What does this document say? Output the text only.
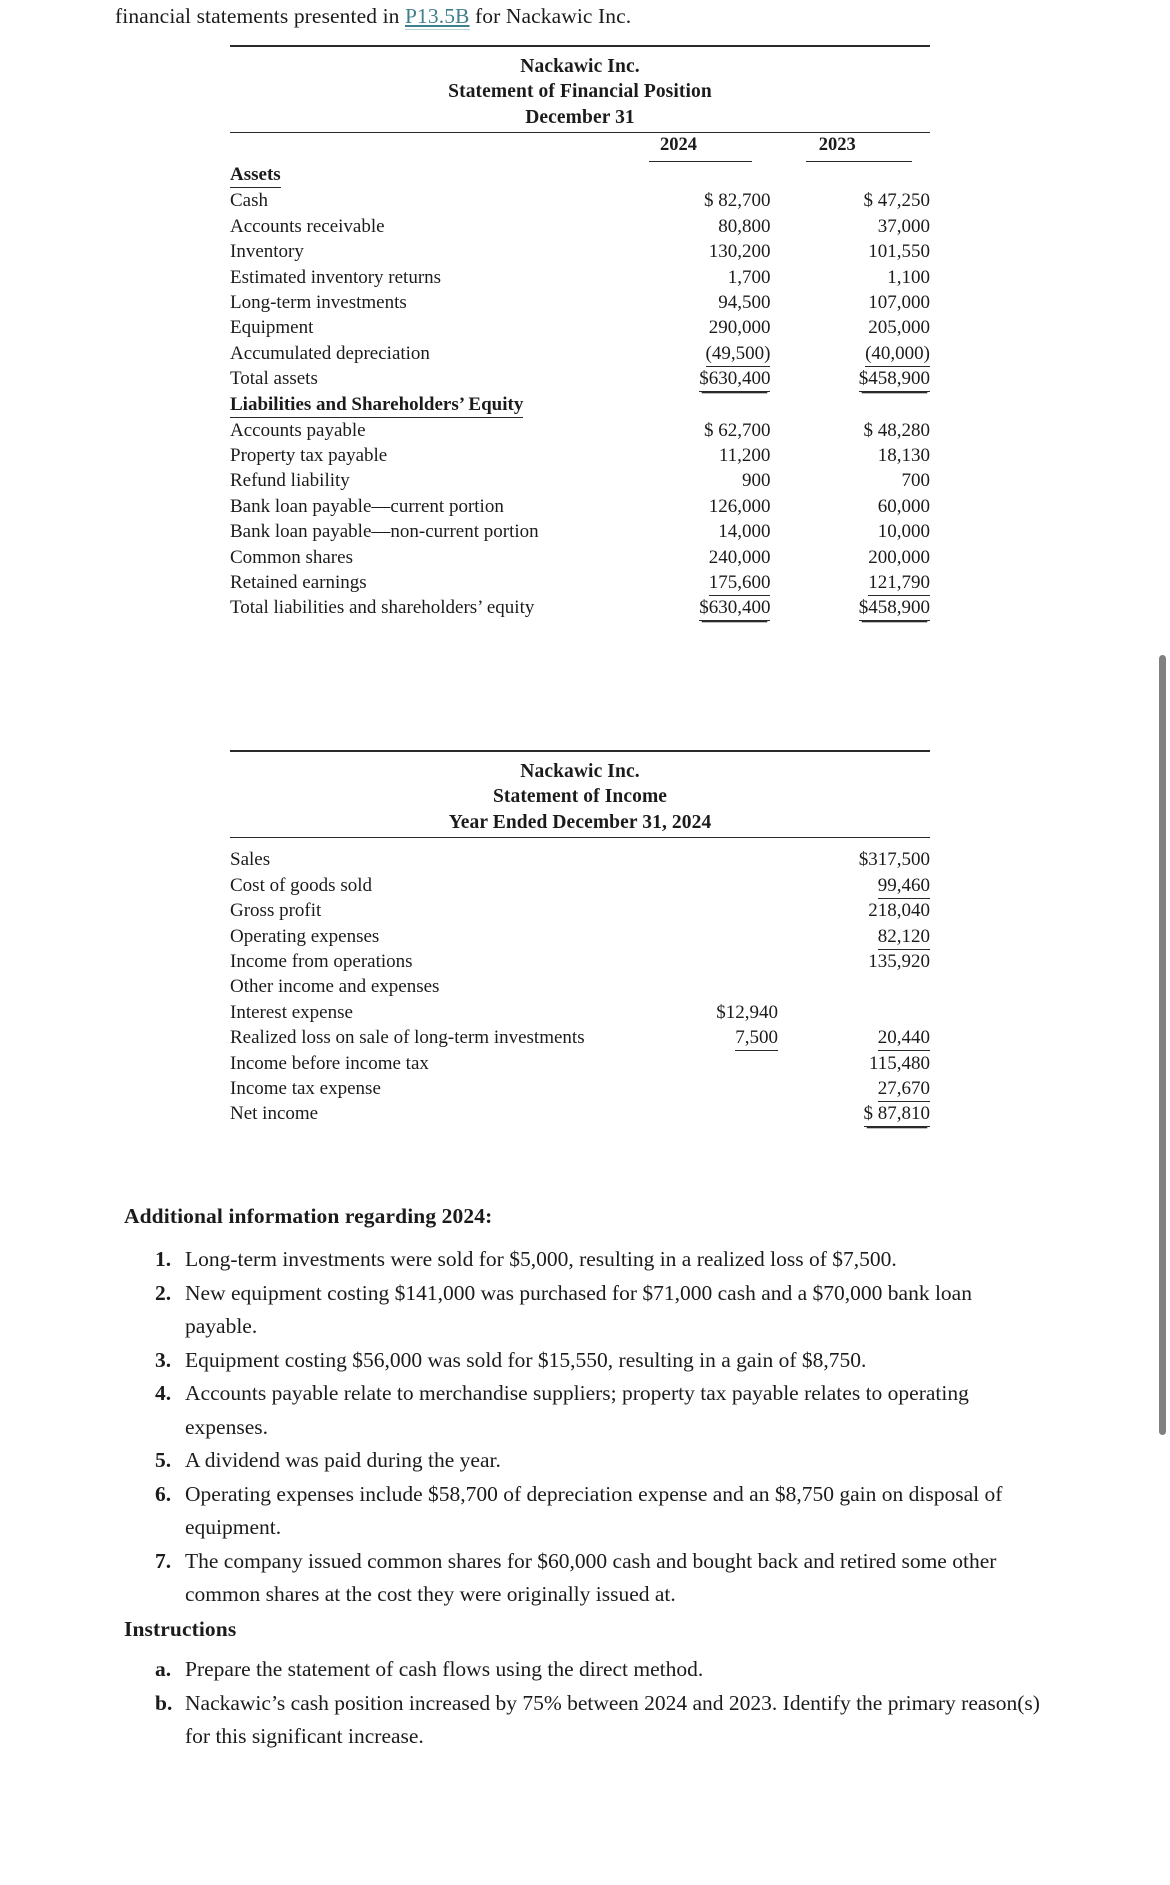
financial statements presented in P13.5B for Nackawic Inc.
Nackawic Inc.
Statement of Financial Position
December 31
	2024	2023

Assets		
Cash	$ 82,700	$ 47,250
Accounts receivable	80,800	37,000
Inventory	130,200	101,550
Estimated inventory returns	1,700	1,100
Long-term investments	94,500	107,000
Equipment	290,000	205,000
Accumulated depreciation	(49,500)	(40,000)
Total assets	$630,400	$458,900
Liabilities and Shareholders’ Equity		
Accounts payable	$ 62,700	$ 48,280
Property tax payable	11,200	18,130
Refund liability	900	700
Bank loan payable—current portion	126,000	60,000
Bank loan payable—non-current portion	14,000	10,000
Common shares	240,000	200,000
Retained earnings	175,600	121,790
Total liabilities and shareholders’ equity	$630,400	$458,900
Nackawic Inc.
Statement of Income
Year Ended December 31, 2024

Sales		$317,500
Cost of goods sold		99,460
Gross profit		218,040
Operating expenses		82,120
Income from operations		135,920
Other income and expenses		
Interest expense	$12,940	
Realized loss on sale of long-term investments	7,500	20,440
Income before income tax		115,480
Income tax expense		27,670
Net income		$ 87,810
Additional information regarding 2024:
1. Long-term investments were sold for $5,000, resulting in a realized loss of $7,500.
2. New equipment costing $141,000 was purchased for $71,000 cash and a $70,000 bank loan payable.
3. Equipment costing $56,000 was sold for $15,550, resulting in a gain of $8,750.
4. Accounts payable relate to merchandise suppliers; property tax payable relates to operating expenses.
5. A dividend was paid during the year.
6. Operating expenses include $58,700 of depreciation expense and an $8,750 gain on disposal of equipment.
7. The company issued common shares for $60,000 cash and bought back and retired some other common shares at the cost they were originally issued at.
Instructions
a. Prepare the statement of cash flows using the direct method.
b. Nackawic’s cash position increased by 75% between 2024 and 2023. Identify the primary reason(s) for this significant increase.
